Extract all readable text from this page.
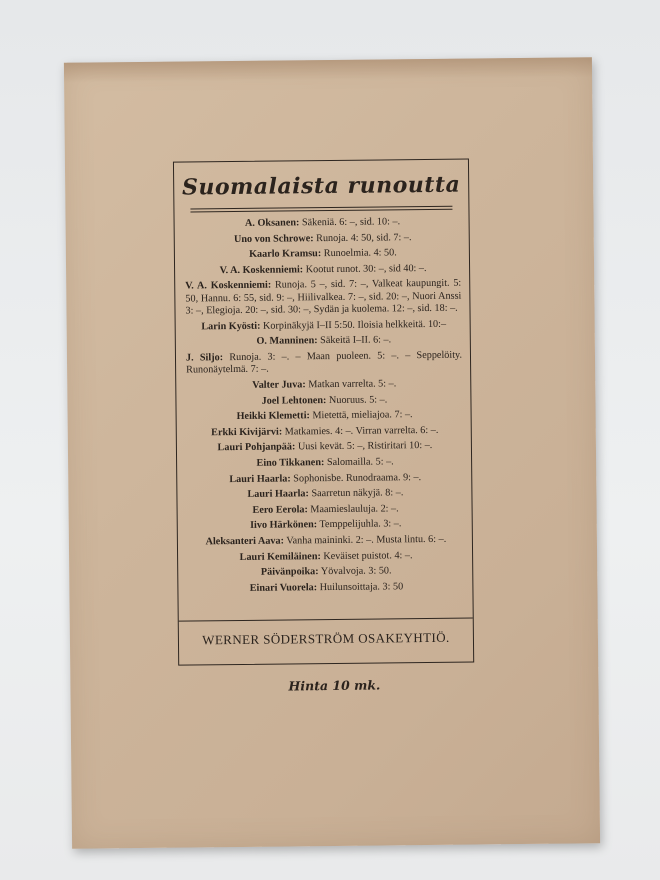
Suomalaista runoutta
A. Oksanen: Säkeniä. 6: –, sid. 10: –.
Uno von Schrowe: Runoja. 4: 50, sid. 7: –.
Kaarlo Kramsu: Runoelmia. 4: 50.
V. A. Koskenniemi: Kootut runot. 30: –, sid 40: –.
V. A. Koskenniemi: Runoja. 5 –, sid. 7: –, Valkeat kaupungit. 5: 50, Hannu. 6: 55, sid. 9: –, Hiilivalkea. 7: –, sid. 20: –, Nuori Anssi 3: –, Elegioja. 20: –, sid. 30: –, Sydän ja kuolema. 12: –, sid. 18: –.
Larin Kyösti: Korpinäkyjä I–II 5:50. Iloisia helkkeitä. 10:–
O. Manninen: Säkeitä I–II. 6: –.
J. Siljo: Runoja. 3: –. – Maan puoleen. 5: –. – Seppelöity. Runonäytelmä. 7: –.
Valter Juva: Matkan varrelta. 5: –.
Joel Lehtonen: Nuoruus. 5: –.
Heikki Klemetti: Mietettä, mieliajoa. 7: –.
Erkki Kivijärvi: Matkamies. 4: –. Virran varrelta. 6: –.
Lauri Pohjanpää: Uusi kevät. 5: –, Ristiritari 10: –.
Eino Tikkanen: Salomailla. 5: –.
Lauri Haarla: Sophonisbe. Runodraama. 9: –.
Lauri Haarla: Saarretun näkyjä. 8: –.
Eero Eerola: Maamieslauluja. 2: –.
Iivo Härkönen: Temppelijuhla. 3: –.
Aleksanteri Aava: Vanha maininki. 2: –. Musta lintu. 6: –.
Lauri Kemiläinen: Keväiset puistot. 4: –.
Päivänpoika: Yövalvoja. 3: 50.
Einari Vuorela: Huilunsoittaja. 3: 50
WERNER SÖDERSTRÖM OSAKEYHTIÖ.
Hinta 10 mk.
